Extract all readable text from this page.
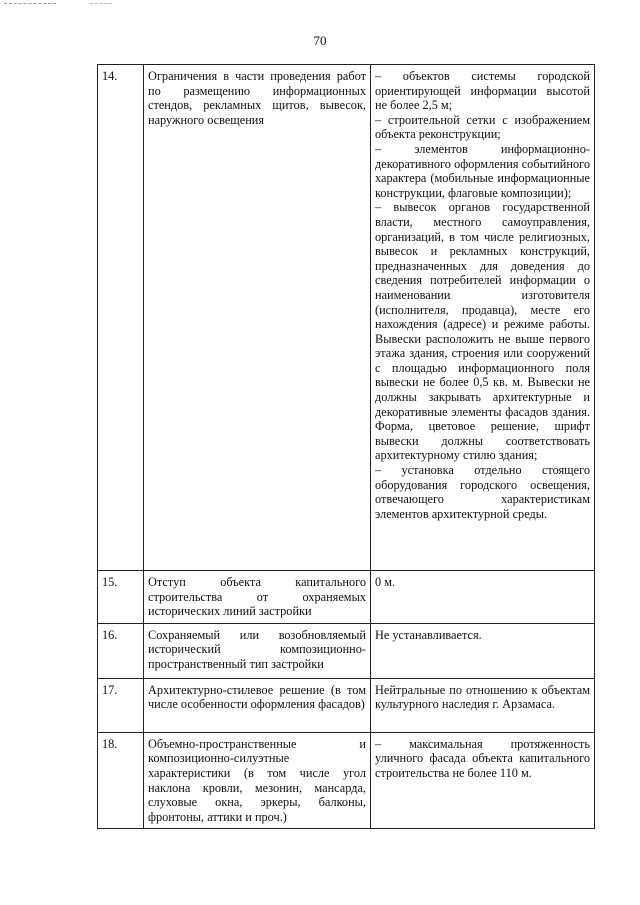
70
14.	Ограничения в части проведения работ по размещению информационных стендов, рекламных щитов, вывесок, наружного освещения	– объектов системы городской ориентирующей информации высотой не более 2,5 м;

– строительной сетки с изображением объекта реконструкции;

– элементов информационно-декоративного оформления событийного характера (мобильные информационные конструкции, флаговые композиции);

– вывесок органов государственной власти, местного самоуправления, организаций, в том числе религиозных, вывесок и рекламных конструкций, предназначенных для доведения до сведения потребителей информации о наименовании изготовителя (исполнителя, продавца), месте его нахождения (адресе) и режиме работы. Вывески расположить не выше первого этажа здания, строения или сооружений с площадью информационного поля вывески не более 0,5 кв. м. Вывески не должны закрывать архитектурные и декоративные элементы фасадов здания. Форма, цветовое решение, шрифт вывески должны соответствовать архитектурному стилю здания;

– установка отдельно стоящего оборудования городского освещения, отвечающего характеристикам элементов архитектурной среды.

15.	Отступ объекта капитального строительства от охраняемых исторических линий застройки	0 м.

16.	Сохраняемый или возобновляемый исторический композиционно-пространственный тип застройки	Не устанавливается.

17.	Архитектурно-стилевое решение (в том числе особенности оформления фасадов)	Нейтральные по отношению к объектам культурного наследия г. Арзамаса.

18.	Объемно-пространственные и композиционно-силуэтные характеристики (в том числе угол наклона кровли, мезонин, мансарда, слуховые окна, эркеры, балконы, фронтоны, аттики и проч.)	– максимальная протяженность уличного фасада объекта капитального строительства не более 110 м.
